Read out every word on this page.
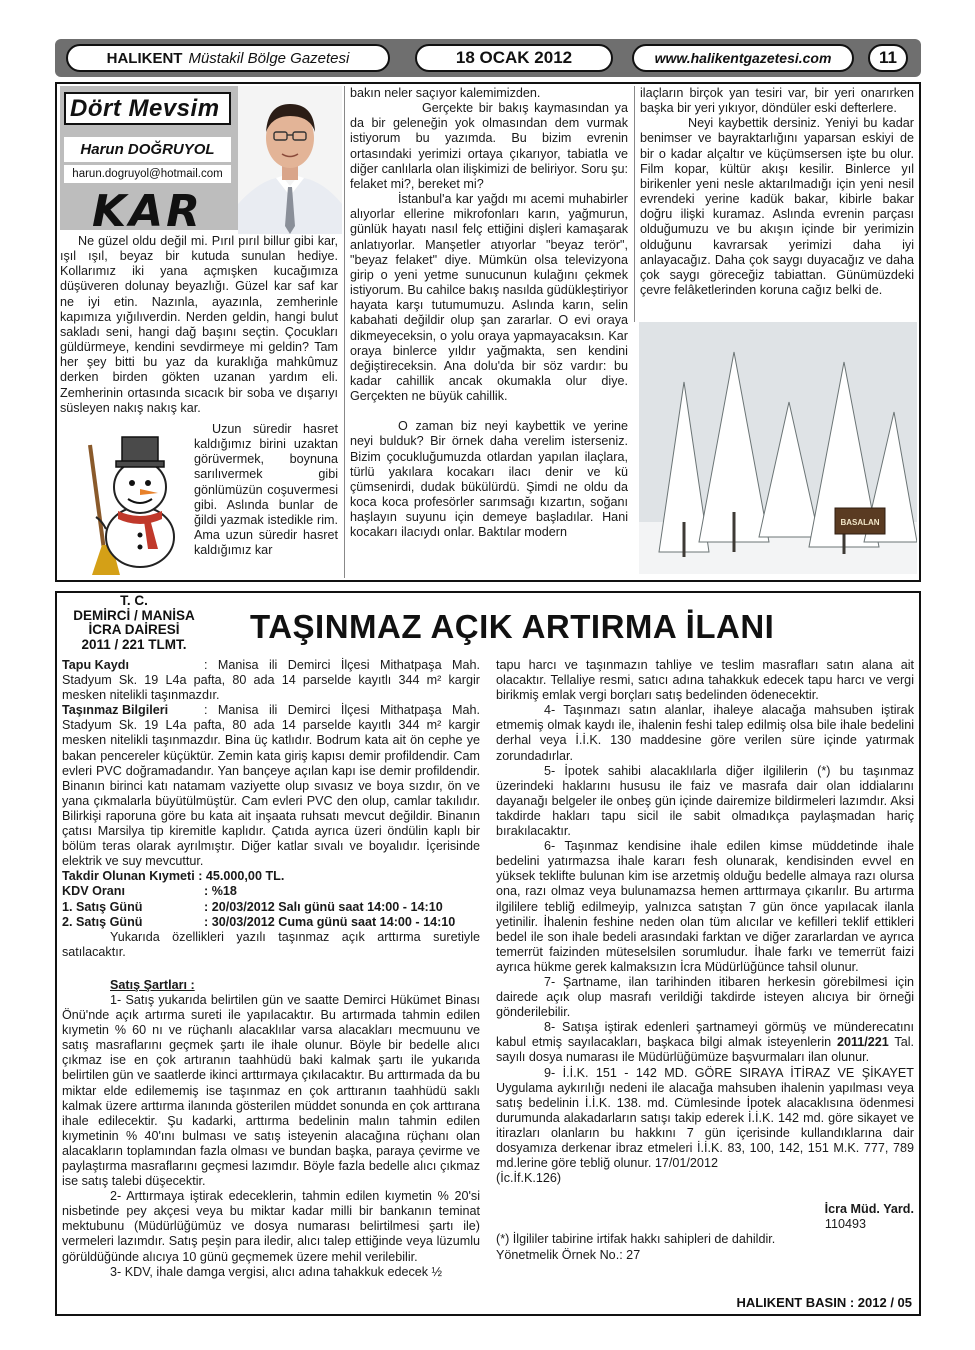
HALIKENT Müstakil Bölge Gazetesi	18 OCAK 2012	www.halikentgazetesi.com	11
Dört Mevsim
Harun DOĞRUYOL
harun.dogruyol@hotmail.com
KAR

Ne güzel oldu değil mi. Pırıl pırıl billur gibi kar, ışıl ışıl, beyaz bir kutuda sunulan hediye. Kollarımız iki yana açmışken kucağımıza düşüveren dolunay beyazlığı. Güzel kar saf kar ne iyi etin. Nazınla, ayazınla, zemherinle kapımıza yığılıverdin. Nerden geldin, hangi bulut sakladı seni, hangi dağ başını seçtin. Çocukları güldürmeye, kendini sevdirmeye mi geldin? Tam her şey bitti bu yaz da kuraklığa mahkûmuz derken birden gökten uzanan yardım eli. Zemherinin ortasında sıcacık bir soba ve dışarıyı süsleyen nakış nakış kar.

Uzun süredir hasret kaldığımız birini uzaktan görüvermek, boynuna sarılıvermek gibi gönlümüzün coşuvermesi gibi. Aslında bunlar de ğildi yazmak istedikle rim. Ama uzun süredir hasret kaldığımız kar

bakın neler saçıyor kalemimizden.

Gerçekte bir bakış kaymasından ya da bir geleneğin yok olmasından dem vurmak istiyorum bu yazımda. Bu bizim evrenin ortasındaki yerimizi ortaya çıkarıyor, tabiatla ve diğer canlılarla olan ilişkimizi de beliriyor. Soru şu: felaket mi?, bereket mi?

İstanbul'a kar yağdı mı acemi muhabirler alıyorlar ellerine mikrofonları karın, yağmurun, günlük hayatı nasıl felç ettiğini dişleri kamaşarak anlatıyorlar. Manşetler atıyorlar "beyaz terör", "beyaz felaket" diye. Mümkün olsa televizyona girip o yeni yetme sunucunun kulağını çekmek istiyorum. Bu cahilce bakış nasılda güdükleştiriyor hayata karşı tutumumuzu. Aslında karın, selin kabahati değildir olup şan zararlar. O evi oraya dikmeyeceksin, o yolu oraya yapmayacaksın. Kar oraya binlerce yıldır yağmakta, sen kendini değiştireceksin. Ana dolu'da bir söz vardır: bu kadar cahillik ancak okumakla olur diye. Gerçekten ne büyük cahillik.

O zaman biz neyi kaybettik ve yerine neyi bulduk? Bir örnek daha verelim isterseniz. Bizim çocukluğumuzda otlardan yapılan ilaçlara, türlü yakılara kocakarı ilacı denir ve kü çümsenirdi, dudak bükülürdü. Şimdi ne oldu da koca koca profesörler sarımsağı kızartın, soğanı haşlayın suyunu için demeye başladılar. Hani kocakarı ilacıydı onlar. Baktılar modern

ilaçların birçok yan tesiri var, bir yeri onarırken başka bir yeri yıkıyor, döndüler eski defterlere.

Neyi kaybettik dersiniz. Yeniyi bu kadar benimser ve bayraktarlığını yaparsan eskiyi de bir o kadar alçaltır ve küçümsersen işte bu olur. Film kopar, kültür akışı kesilir. Binlerce yıl birikenler yeni nesle aktarılmadığı için yeni nesil evrendeki yerine kadük bakar, kibirle bakar doğru ilişki kuramaz. Aslında evrenin parçası olduğumuzu ve bu akışın içinde bir yerimizin olduğunu kavrarsak yerimizi daha iyi anlayacağız. Daha çok saygı duyacağız ve daha çok saygı göreceğiz tabiattan. Günümüzdeki çevre felâketlerinden koruna cağız belki de.

BASALAN
T. C.
DEMİRCİ / MANİSA
İCRA DAİRESİ
2011 / 221 TLMT.	TAŞINMAZ AÇIK ARTIRMA İLANI

Tapu Kaydı	: Manisa ili Demirci İlçesi Mithatpaşa Mah. Stadyum Sk. 19 L4a pafta, 80 ada 14 parselde kayıtlı 344 m² kargir mesken nitelikli taşınmazdır.

Taşınmaz Bilgileri	: Manisa ili Demirci İlçesi Mithatpaşa Mah. Stadyum Sk. 19 L4a pafta, 80 ada 14 parselde kayıtlı 344 m² kargir mesken nitelikli taşınmazdır. Bina üç katlıdır. Bodrum kata ait ön cephe ye bakan pencereler küçüktür. Zemin kata giriş kapısı demir profildendir. Cam evleri PVC doğramadandır. Yan bançeye açılan kapı ise demir profildendir. Binanın birinci katı natamam vaziyette olup sıvasız ve boya sızdır, ön ve yana çıkmalarla büyütülmüştür. Cam evleri PVC den olup, camlar takılıdır. Bilirkişi raporuna göre bu kata ait inşaata ruhsatı mevcut değildir. Binanın çatısı Marsilya tip kiremitle kaplıdır. Çatıda ayrıca üzeri öndülin kaplı bir bölüm teras olarak ayrılmıştır. Diğer katlar sıvalı ve boyalıdır. İçerisinde elektrik ve suy mevcuttur.

Takdir Olunan Kıymeti : 45.000,00 TL.

KDV Oranı	: %18
1. Satış Günü	: 20/03/2012 Salı günü saat 14:00 - 14:10
2. Satış Günü	: 30/03/2012 Cuma günü saat 14:00 - 14:10

Yukarıda özellikleri yazılı taşınmaz açık arttırma suretiyle satılacaktır.

Satış Şartları :

1- Satış yukarıda belirtilen gün ve saatte Demirci Hükümet Binası Önü'nde açık artırma sureti ile yapılacaktır. Bu artırmada tahmin edilen kıymetin % 60 nı ve rüçhanlı alacaklılar varsa alacakları mecmuunu ve satış masraflarını geçmek şartı ile ihale olunur. Böyle bir bedelle alıcı çıkmaz ise en çok artıranın taahhüdü baki kalmak şartı ile yukarıda belirtilen gün ve saatlerde ikinci arttırmaya çıkılacaktır. Bu arttırmada da bu miktar elde edilememiş ise taşınmaz en çok arttıranın taahhüdü saklı kalmak üzere arttırma ilanında gösterilen müddet sonunda en çok arttırana ihale edilecektir. Şu kadarki, arttırma bedelinin malın tahmin edilen kıymetinin % 40'ını bulması ve satış isteyenin alacağına rüçhanı olan alacakların toplamından fazla olması ve bundan başka, paraya çevirme ve paylaştırma masraflarını geçmesi lazımdır. Böyle fazla bedelle alıcı çıkmaz ise satış talebi düşecektir.

2- Arttırmaya iştirak edeceklerin, tahmin edilen kıymetin % 20'si nisbetinde pey akçesi veya bu miktar kadar milli bir bankanın teminat mektubunu (Müdürlüğümüz ve dosya numarası belirtilmesi şartı ile) vermeleri lazımdır. Satış peşin para iledir, alıcı talep ettiğinde veya lüzumlu görüldüğünde alıcıya 10 günü geçmemek üzere mehil verilebilir.

3- KDV, ihale damga vergisi, alıcı adına tahakkuk edecek ½

tapu harcı ve taşınmazın tahliye ve teslim masrafları satın alana ait olacaktır. Tellaliye resmi, satıcı adına tahakkuk edecek tapu harcı ve vergi birikmiş emlak vergi borçları satış bedelinden ödenecektir.

4- Taşınmazı satın alanlar, ihaleye alacağa mahsuben iştirak etmemiş olmak kaydı ile, ihalenin feshi talep edilmiş olsa bile ihale bedelini derhal veya İ.İ.K. 130 maddesine göre verilen süre içinde yatırmak zorundadırlar.

5- İpotek sahibi alacaklılarla diğer ilgililerin (*) bu taşınmaz üzerindeki haklarını hususu ile faiz ve masrafa dair olan iddialarını dayanağı belgeler ile onbeş gün içinde dairemize bildirmeleri lazımdır. Aksi takdirde hakları tapu sicil ile sabit olmadıkça paylaşmadan hariç bırakılacaktır.

6- Taşınmaz kendisine ihale edilen kimse müddetinde ihale bedelini yatırmazsa ihale kararı fesh olunarak, kendisinden evvel en yüksek teklifte bulunan kim ise arzetmiş olduğu bedelle almaya razı olursa ona, razı olmaz veya bulunamazsa hemen arttırmaya çıkarılır. Bu artırma ilgililere tebliğ edilmeyip, yalnızca satıştan 7 gün önce yapılacak ilanla yetinilir. İhalenin feshine neden olan tüm alıcılar ve kefilleri teklif ettikleri bedel ile son ihale bedeli arasındaki farktan ve diğer zararlardan ve ayrıca temerrüt faizinden müteselsilen sorumludur. İhale farkı ve temerrüt faizi ayrıca hükme gerek kalmaksızın İcra Müdürlüğünce tahsil olunur.

7- Şartname, ilan tarihinden itibaren herkesin görebilmesi için dairede açık olup masrafı verildiği takdirde isteyen alıcıya bir örneği gönderilebilir.

8- Satışa iştirak edenleri şartnameyi görmüş ve münderecatını kabul etmiş sayılacakları, başkaca bilgi almak isteyenlerin 2011/221 Tal. sayılı dosya numarası ile Müdürlüğümüze başvurmaları ilan olunur.

9- İ.İ.K. 151 - 142 MD. GÖRE SIRAYA İTİRAZ VE ŞİKAYET Uygulama aykırılığı nedeni ile alacağa mahsuben ihalenin yapılması veya satış bedelinin İ.İ.K. 138. md. Cümlesinde İpotek alacaklısına ödenmesi durumunda alakadarların satışı takip ederek İ.İ.K. 142 md. göre sikayet ve itirazları olanların bu hakkını 7 gün içerisinde kullandıklarına dair dosyamıza derkenar ibraz etmeleri İ.İ.K. 83, 100, 142, 151 M.K. 777, 789 md.lerine göre tebliğ olunur. 17/01/2012

(İc.İf.K.126)

İcra Müd. Yard.

110493

(*) İlgililer tabirine irtifak hakkı sahipleri de dahildir.

Yönetmelik Örnek No.: 27

HALIKENT BASIN : 2012 / 05
